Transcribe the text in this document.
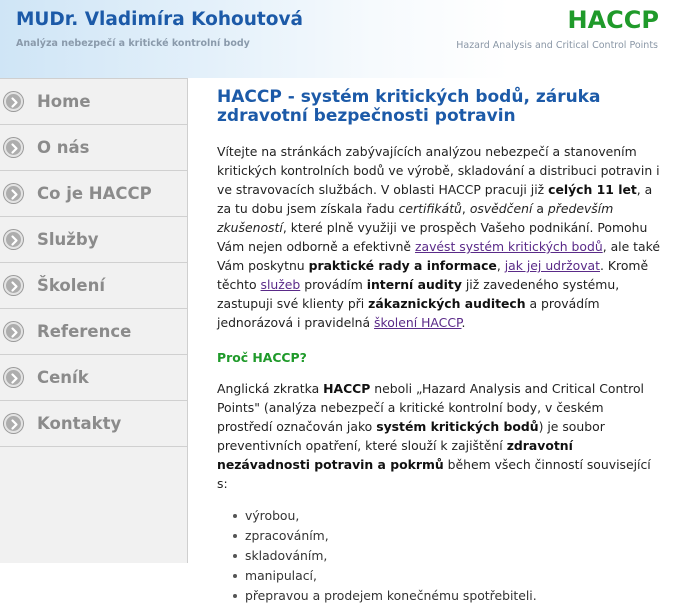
MUDr. Vladimíra Kohoutová
Analýza nebezpečí a kritické kontrolní body
HACCP
Hazard Analysis and Critical Control Points
Home
O nás
Co je HACCP
Služby
Školení
Reference
Ceník
Kontakty
HACCP - systém kritických bodů, záruka zdravotní bezpečnosti potravin

Vítejte na stránkách zabývajících analýzou nebezpečí a stanovením kritických kontrolních bodů ve výrobě, skladování a distribuci potravin i ve stravovacích službách. V oblasti HACCP pracuji již celých 11 let, a za tu dobu jsem získala řadu certifikátů, osvědčení a především zkušeností, které plně využiji ve prospěch Vašeho podnikání. Pomohu Vám nejen odborně a efektivně zavést systém kritických bodů, ale také Vám poskytnu praktické rady a informace, jak jej udržovat. Kromě těchto služeb provádím interní audity již zavedeného systému, zastupuji své klienty při zákaznických auditech a provádím jednorázová i pravidelná školení HACCP.

Proč HACCP?

Anglická zkratka HACCP neboli „Hazard Analysis and Critical Control Points" (analýza nebezpečí a kritické kontrolní body, v českém prostředí označován jako systém kritických bodů) je soubor preventivních opatření, které slouží k zajištění zdravotní nezávadnosti potravin a pokrmů během všech činností související s:

výrobou,
zpracováním,
skladováním,
manipulací,
přepravou a prodejem konečnému spotřebiteli.
